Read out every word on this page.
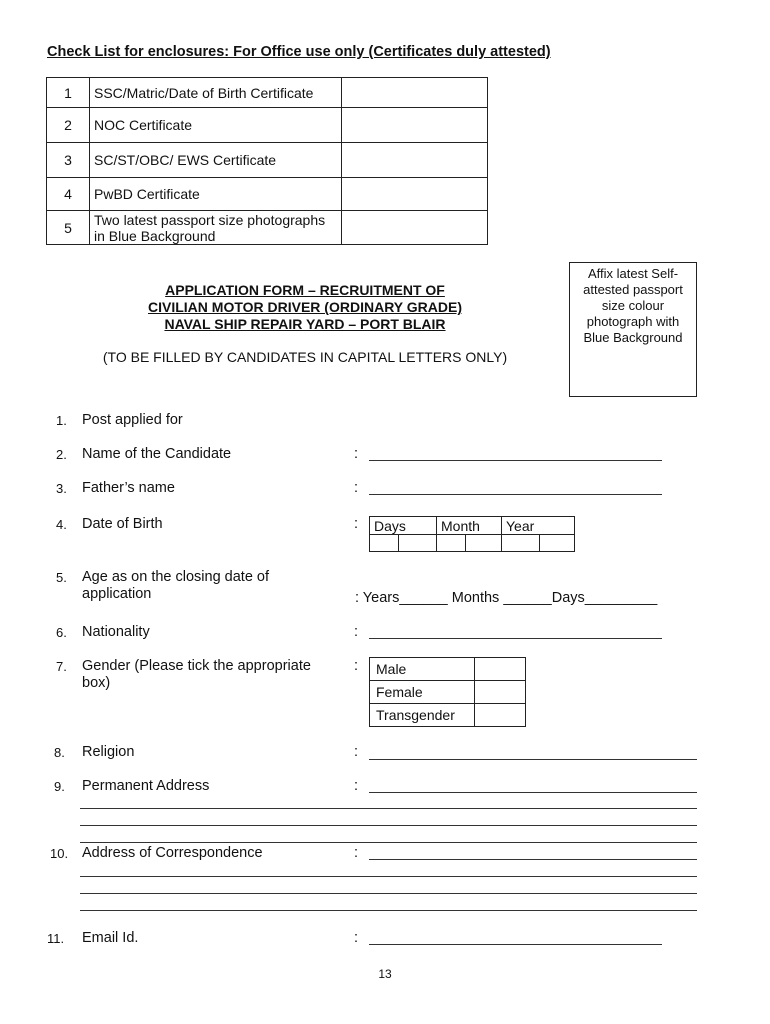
Check List for enclosures: For Office use only (Certificates duly attested)
1	SSC/Matric/Date of Birth Certificate	
2	NOC Certificate	
3	SC/ST/OBC/ EWS Certificate	
4	PwBD Certificate	
5	Two latest passport size photographs in Blue Background	
APPLICATION FORM – RECRUITMENT OF
CIVILIAN MOTOR DRIVER (ORDINARY GRADE)
NAVAL SHIP REPAIR YARD – PORT BLAIR
(TO BE FILLED BY CANDIDATES IN CAPITAL LETTERS ONLY)
Affix latest Self-attested passport size colour photograph with Blue Background
1. Post applied for
2. Name of the Candidate	:
3. Father’s name	:
4. Date of Birth	: Days		Month		Year	

5. Age as on the closing date of
application	: Years______ Months ______Days_________
6. Nationality	:
7. Gender (Please tick the appropriate
box)
: Male	
Female	
Transgender	
8. Religion	:
9. Permanent Address	:
10. Address of Correspondence	:
11. Email Id.	:
13
